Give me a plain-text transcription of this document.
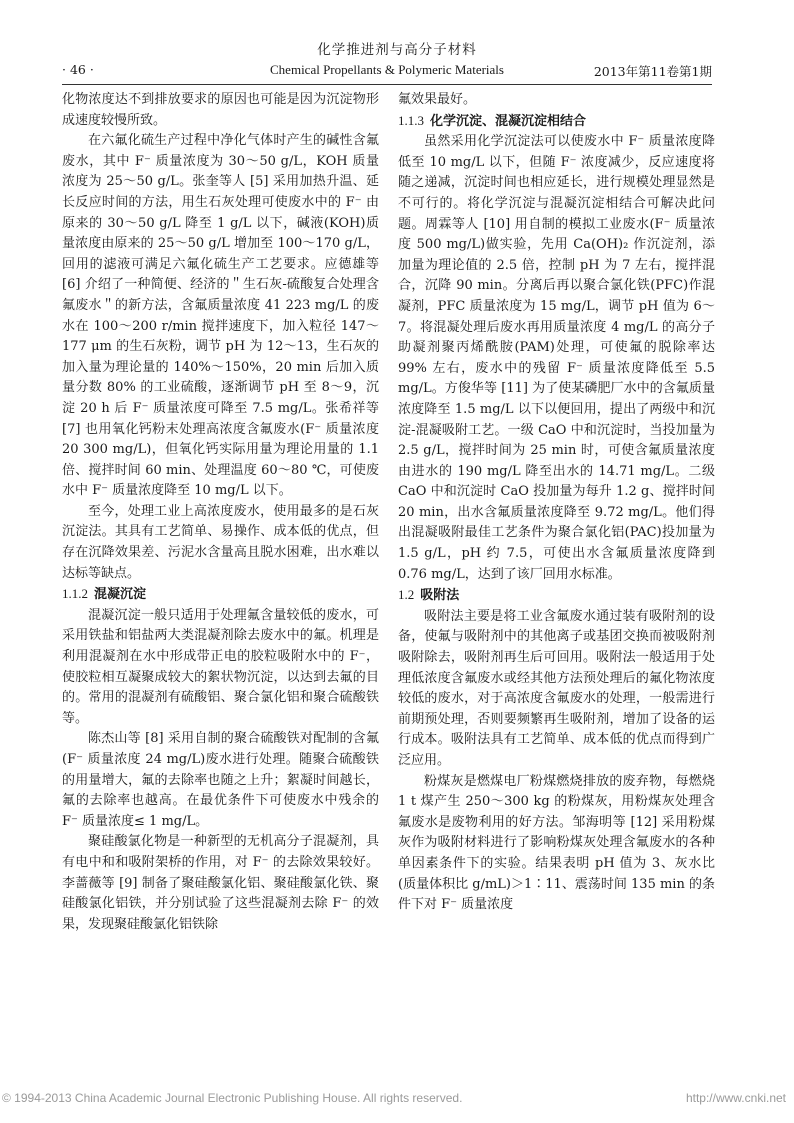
化学推进剂与高分子材料
· 46 ·	Chemical Propellants & Polymeric Materials	2013年第11卷第1期

化物浓度达不到排放要求的原因也可能是因为沉淀物形成速度较慢所致。

在六氟化硫生产过程中净化气体时产生的碱性含氟废水，其中 F⁻ 质量浓度为 30～50 g/L，KOH 质量浓度为 25～50 g/L。张奎等人 [5] 采用加热升温、延长反应时间的方法，用生石灰处理可使废水中的 F⁻ 由原来的 30～50 g/L 降至 1 g/L 以下，碱液(KOH)质量浓度由原来的 25～50 g/L 增加至 100～170 g/L，回用的滤液可满足六氟化硫生产工艺要求。应德雄等 [6] 介绍了一种简便、经济的＂生石灰-硫酸复合处理含氟废水＂的新方法，含氟质量浓度 41 223 mg/L 的废水在 100～200 r/min 搅拌速度下，加入粒径 147～177 μm 的生石灰粉，调节 pH 为 12～13，生石灰的加入量为理论量的 140%～150%，20 min 后加入质量分数 80% 的工业硫酸，逐渐调节 pH 至 8～9，沉淀 20 h 后 F⁻ 质量浓度可降至 7.5 mg/L。张希祥等 [7] 也用氧化钙粉末处理高浓度含氟废水(F⁻ 质量浓度 20 300 mg/L)，但氧化钙实际用量为理论用量的 1.1 倍、搅拌时间 60 min、处理温度 60～80 ℃，可使废水中 F⁻ 质量浓度降至 10 mg/L 以下。

至今，处理工业上高浓度废水，使用最多的是石灰沉淀法。其具有工艺简单、易操作、成本低的优点，但存在沉降效果差、污泥水含量高且脱水困难，出水难以达标等缺点。

1.1.2 混凝沉淀

混凝沉淀一般只适用于处理氟含量较低的废水，可采用铁盐和铝盐两大类混凝剂除去废水中的氟。机理是利用混凝剂在水中形成带正电的胶粒吸附水中的 F⁻，使胶粒相互凝聚成较大的絮状物沉淀，以达到去氟的目的。常用的混凝剂有硫酸铝、聚合氯化铝和聚合硫酸铁等。

陈杰山等 [8] 采用自制的聚合硫酸铁对配制的含氟(F⁻ 质量浓度 24 mg/L)废水进行处理。随聚合硫酸铁的用量增大，氟的去除率也随之上升；絮凝时间越长，氟的去除率也越高。在最优条件下可使废水中残余的 F⁻ 质量浓度≤ 1 mg/L。

聚硅酸氯化物是一种新型的无机高分子混凝剂，具有电中和和吸附架桥的作用，对 F⁻ 的去除效果较好。李蔷薇等 [9] 制备了聚硅酸氯化铝、聚硅酸氯化铁、聚硅酸氯化铝铁，并分别试验了这些混凝剂去除 F⁻ 的效果，发现聚硅酸氯化铝铁除

氟效果最好。

1.1.3 化学沉淀、混凝沉淀相结合

虽然采用化学沉淀法可以使废水中 F⁻ 质量浓度降低至 10 mg/L 以下，但随 F⁻ 浓度减少，反应速度将随之递减，沉淀时间也相应延长，进行规模处理显然是不可行的。将化学沉淀与混凝沉淀相结合可解决此问题。周霖等人 [10] 用自制的模拟工业废水(F⁻ 质量浓度 500 mg/L)做实验，先用 Ca(OH)₂ 作沉淀剂，添加量为理论值的 2.5 倍，控制 pH 为 7 左右，搅拌混合，沉降 90 min。分离后再以聚合氯化铁(PFC)作混凝剂，PFC 质量浓度为 15 mg/L，调节 pH 值为 6～7。将混凝处理后废水再用质量浓度 4 mg/L 的高分子助凝剂聚丙烯酰胺(PAM)处理，可使氟的脱除率达 99% 左右，废水中的残留 F⁻ 质量浓度降低至 5.5 mg/L。方俊华等 [11] 为了使某磷肥厂水中的含氟质量浓度降至 1.5 mg/L 以下以便回用，提出了两级中和沉淀-混凝吸附工艺。一级 CaO 中和沉淀时，当投加量为 2.5 g/L，搅拌时间为 25 min 时，可使含氟质量浓度由进水的 190 mg/L 降至出水的 14.71 mg/L。二级 CaO 中和沉淀时 CaO 投加量为每升 1.2 g、搅拌时间 20 min，出水含氟质量浓度降至 9.72 mg/L。他们得出混凝吸附最佳工艺条件为聚合氯化铝(PAC)投加量为 1.5 g/L，pH 约 7.5，可使出水含氟质量浓度降到 0.76 mg/L，达到了该厂回用水标准。

1.2 吸附法

吸附法主要是将工业含氟废水通过装有吸附剂的设备，使氟与吸附剂中的其他离子或基团交换而被吸附剂吸附除去，吸附剂再生后可回用。吸附法一般适用于处理低浓度含氟废水或经其他方法预处理后的氟化物浓度较低的废水，对于高浓度含氟废水的处理，一般需进行前期预处理，否则要频繁再生吸附剂，增加了设备的运行成本。吸附法具有工艺简单、成本低的优点而得到广泛应用。

粉煤灰是燃煤电厂粉煤燃烧排放的废弃物，每燃烧 1 t 煤产生 250～300 kg 的粉煤灰，用粉煤灰处理含氟废水是废物利用的好方法。邹海明等 [12] 采用粉煤灰作为吸附材料进行了影响粉煤灰处理含氟废水的各种单因素条件下的实验。结果表明 pH 值为 3、灰水比(质量体积比 g/mL)＞1∶11、震荡时间 135 min 的条件下对 F⁻ 质量浓度

© 1994-2013 China Academic Journal Electronic Publishing House. All rights reserved.	http://www.cnki.net
